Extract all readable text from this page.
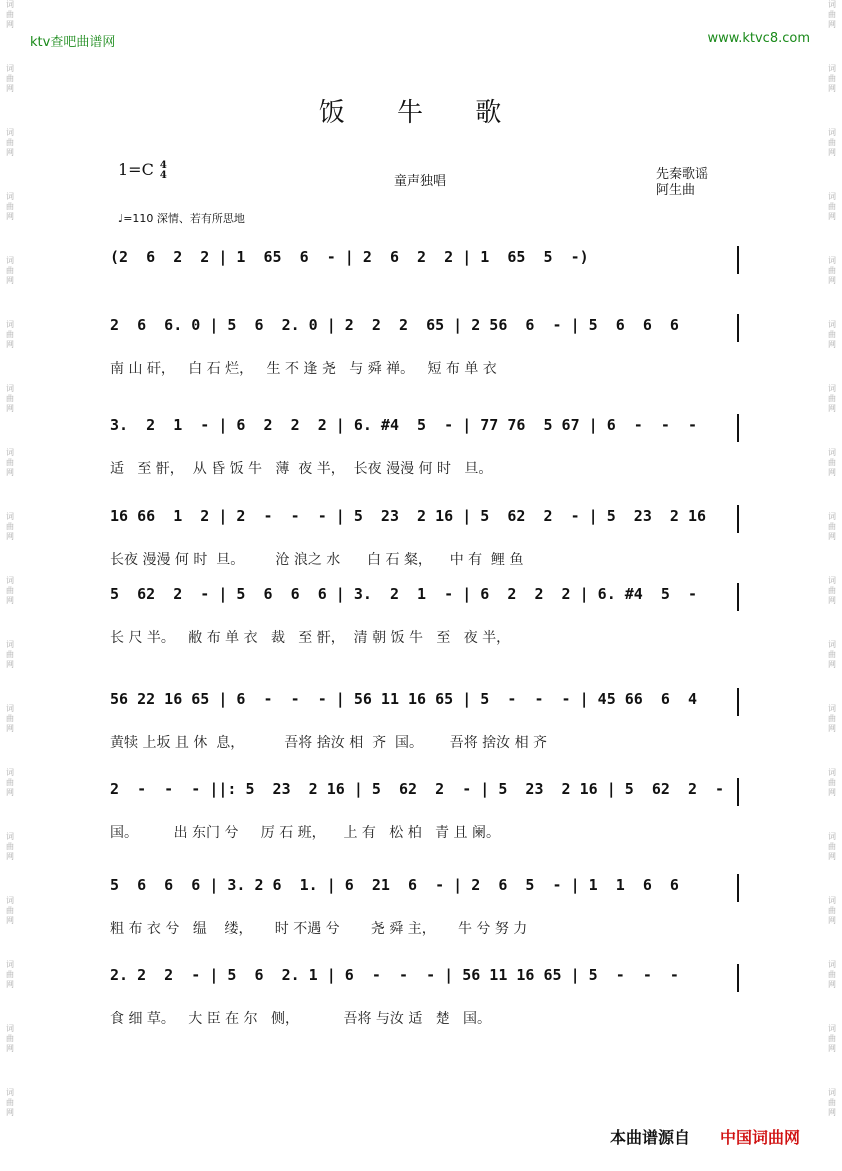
词曲网
词曲网
词曲网
词曲网
词曲网
词曲网
词曲网
词曲网
词曲网
词曲网
词曲网
词曲网
词曲网
词曲网
词曲网
词曲网
词曲网
词曲网
词曲网
词曲网
词曲网
词曲网
词曲网
词曲网
词曲网
词曲网
词曲网
词曲网
词曲网
词曲网
词曲网
词曲网
词曲网
词曲网
词曲网
词曲网
ktv查吧曲谱网	www.ktvc8.com
饭 牛 歌
1=C 4
4	童声独唱	先秦歌谣
阿生曲
♩=110 深情、若有所思地
(2  6  2  2 | 1  65  6  - | 2  6  2  2 | 1  65  5  -)
2  6  6. 0 | 5  6  2. 0 | 2  2  2  65 | 2 56  6  - | 5  6  6  6
南 山 矸，   白 石 烂，   生 不 逢 尧   与 舜 禅。   短 布 单 衣
3.  2  1  - | 6  2  2  2 | 6. #4  5  - | 77 76  5 67 | 6  -  -  -
适   至 骭，  从 昏 饭 牛   薄  夜 半，  长夜 漫漫 何 时   旦。
16 66  1  2 | 2  -  -  - | 5  23  2 16 | 5  62  2  - | 5  23  2 16
长夜 漫漫 何 时  旦。       沧 浪之 水      白 石 粲，    中 有  鲤 鱼
5  62  2  - | 5  6  6  6 | 3.  2  1  - | 6  2  2  2 | 6. #4  5  -
长 尺 半。   敝 布 单 衣   裁   至 骭，  清 朝 饭 牛   至   夜 半，
56 22 16 65 | 6  -  -  - | 56 11 16 65 | 5  -  -  - | 45 66  6  4
黄犊 上坂 且 休  息，         吾将 捨汝 相  齐  国。      吾将 捨汝 相 齐
2  -  -  - ||: 5  23  2 16 | 5  62  2  - | 5  23  2 16 | 5  62  2  -
国。        出 东门 兮     厉 石 班，    上 有   松 柏   青 且 阑。
5  6  6  6 | 3. 2 6  1. | 6  21  6  - | 2  6  5  - | 1  1  6  6
粗 布 衣 兮   缊    缕，     时 不遇 兮       尧 舜 主，     牛 兮 努 力
2. 2  2  - | 5  6  2. 1 | 6  -  -  - | 56 11 16 65 | 5  -  -  -
食 细 草。   大 臣 在 尔   侧，          吾将 与汝 适   楚   国。
本曲谱源自 中国词曲网
